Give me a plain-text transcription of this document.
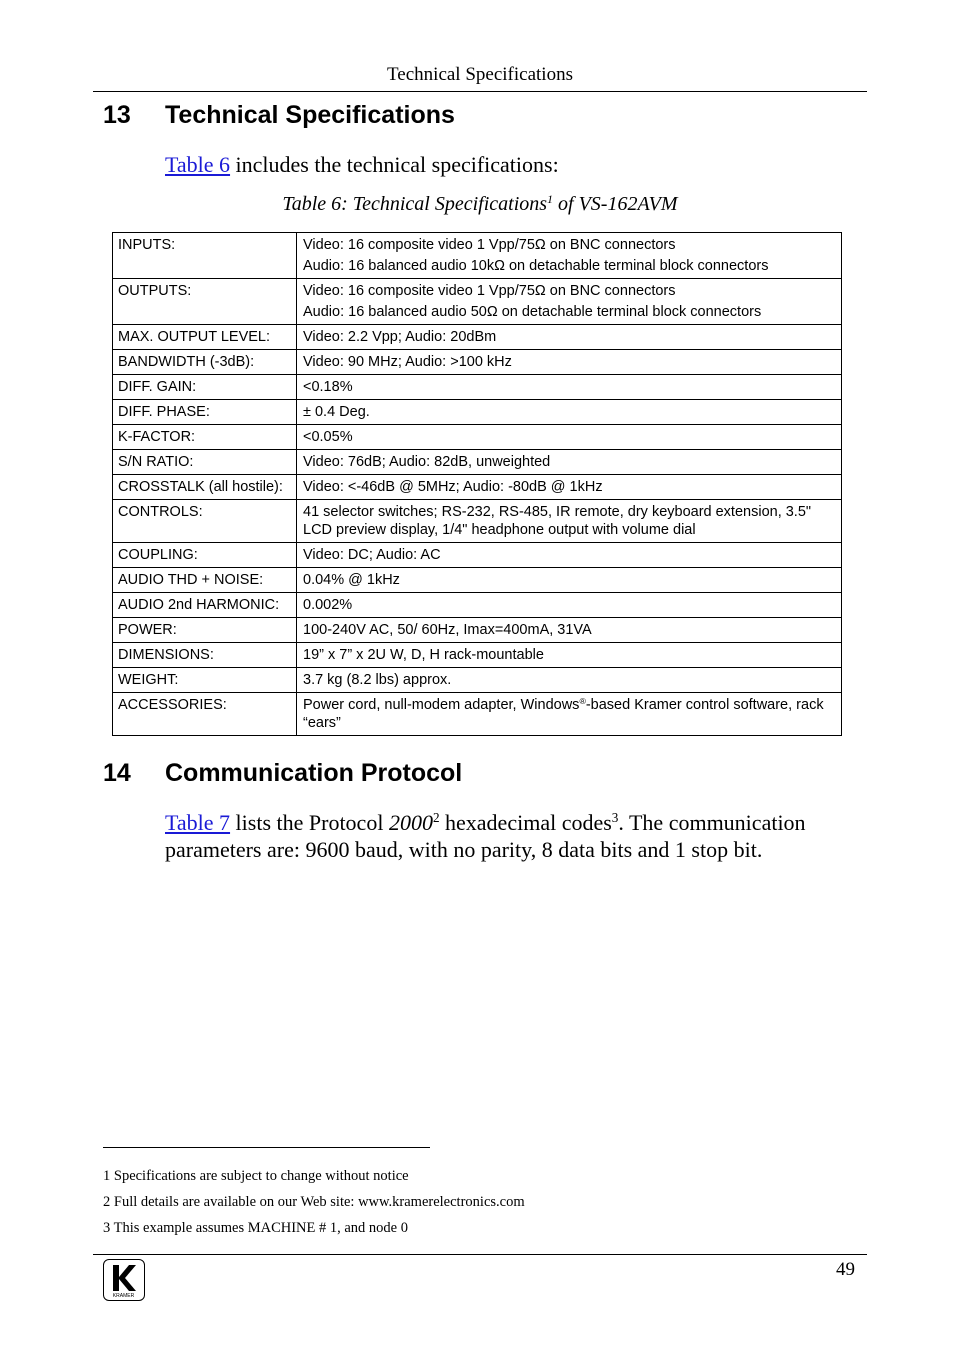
Technical Specifications
13 Technical Specifications
Table 6 includes the technical specifications:
Table 6: Technical Specifications$^1$ of VS-162AVM
INPUTS:	Video: 16 composite video 1 Vpp/75Ω on BNC connectors
Audio: 16 balanced audio 10kΩ on detachable terminal block connectors

OUTPUTS:	Video: 16 composite video 1 Vpp/75Ω on BNC connectors
Audio: 16 balanced audio 50Ω on detachable terminal block connectors

MAX. OUTPUT LEVEL:	Video: 2.2 Vpp; Audio: 20dBm

BANDWIDTH (-3dB):	Video: 90 MHz; Audio: >100 kHz

DIFF. GAIN:	<0.18%

DIFF. PHASE:	± 0.4 Deg.

K-FACTOR:	<0.05%

S/N RATIO:	Video: 76dB; Audio: 82dB, unweighted

CROSSTALK (all hostile):	Video: <-46dB @ 5MHz; Audio: -80dB @ 1kHz

CONTROLS:	41 selector switches; RS-232, RS-485, IR remote, dry keyboard extension, 3.5" LCD preview display, 1/4" headphone output with volume dial

COUPLING:	Video: DC; Audio: AC

AUDIO THD + NOISE:	0.04% @ 1kHz

AUDIO 2nd HARMONIC:	0.002%

POWER:	100-240V AC, 50/ 60Hz, Imax=400mA, 31VA

DIMENSIONS:	19” x 7” x 2U W, D, H rack-mountable

WEIGHT:	3.7 kg (8.2 lbs) approx.

ACCESSORIES:	Power cord, null-modem adapter, Windows®-based Kramer control software, rack “ears”
14 Communication Protocol
Table 7 lists the Protocol 2000$^2$ hexadecimal codes$^3$. The communication parameters are: 9600 baud, with no parity, 8 data bits and 1 stop bit.
1 Specifications are subject to change without notice
2 Full details are available on our Web site: www.kramerelectronics.com
3 This example assumes MACHINE # 1, and node 0
KRAMER
49
